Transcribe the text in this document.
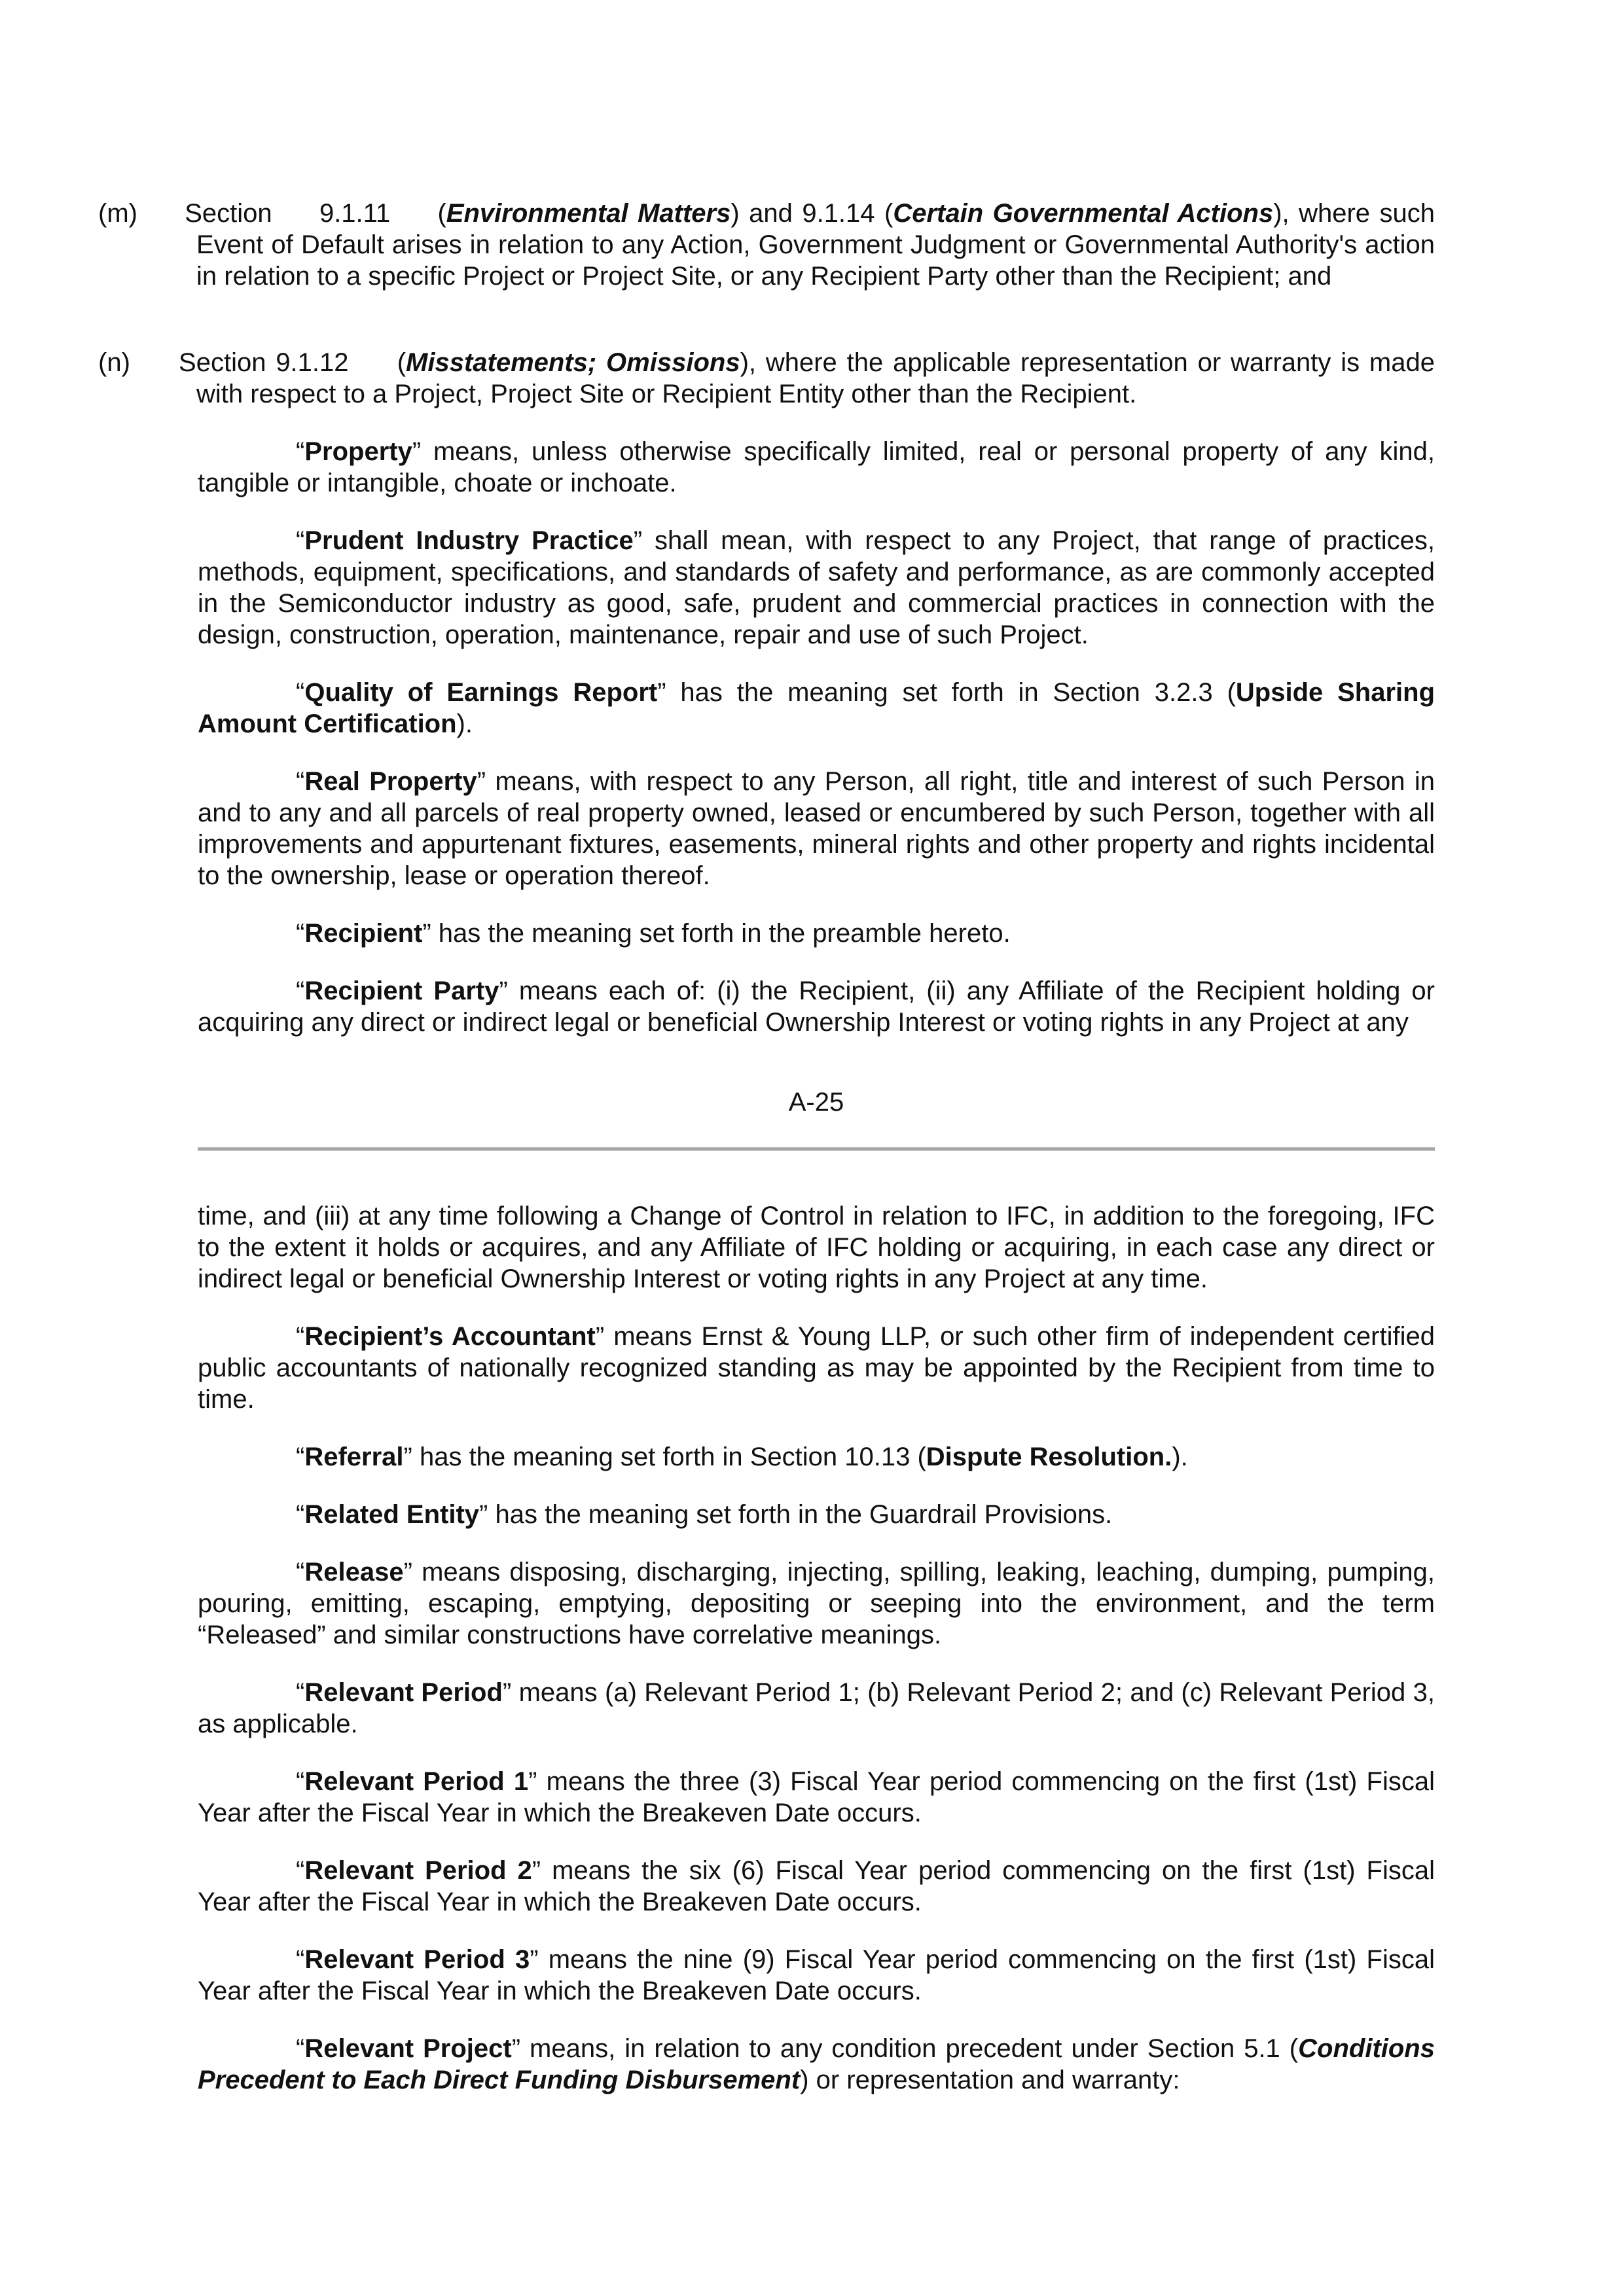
(m)     Section     9.1.11     (Environmental Matters) and 9.1.14 (Certain Governmental Actions), where such Event of Default arises in relation to any Action, Government Judgment or Governmental Authority's action in relation to a specific Project or Project Site, or any Recipient Party other than the Recipient; and
(n)     Section 9.1.12     (Misstatements; Omissions), where the applicable representation or warranty is made with respect to a Project, Project Site or Recipient Entity other than the Recipient.
“Property” means, unless otherwise specifically limited, real or personal property of any kind, tangible or intangible, choate or inchoate.
“Prudent Industry Practice” shall mean, with respect to any Project, that range of practices, methods, equipment, specifications, and standards of safety and performance, as are commonly accepted in the Semiconductor industry as good, safe, prudent and commercial practices in connection with the design, construction, operation, maintenance, repair and use of such Project.
“Quality of Earnings Report” has the meaning set forth in Section 3.2.3 (Upside Sharing Amount Certification).
“Real Property” means, with respect to any Person, all right, title and interest of such Person in and to any and all parcels of real property owned, leased or encumbered by such Person, together with all improvements and appurtenant fixtures, easements, mineral rights and other property and rights incidental to the ownership, lease or operation thereof.
“Recipient” has the meaning set forth in the preamble hereto.
“Recipient Party” means each of: (i) the Recipient, (ii) any Affiliate of the Recipient holding or acquiring any direct or indirect legal or beneficial Ownership Interest or voting rights in any Project at any
A-25
time, and (iii) at any time following a Change of Control in relation to IFC, in addition to the foregoing, IFC to the extent it holds or acquires, and any Affiliate of IFC holding or acquiring, in each case any direct or indirect legal or beneficial Ownership Interest or voting rights in any Project at any time.
“Recipient’s Accountant” means Ernst & Young LLP, or such other firm of independent certified public accountants of nationally recognized standing as may be appointed by the Recipient from time to time.
“Referral” has the meaning set forth in Section 10.13 (Dispute Resolution.).
“Related Entity” has the meaning set forth in the Guardrail Provisions.
“Release” means disposing, discharging, injecting, spilling, leaking, leaching, dumping, pumping, pouring, emitting, escaping, emptying, depositing or seeping into the environment, and the term “Released” and similar constructions have correlative meanings.
“Relevant Period” means (a) Relevant Period 1; (b) Relevant Period 2; and (c) Relevant Period 3, as applicable.
“Relevant Period 1” means the three (3) Fiscal Year period commencing on the first (1st) Fiscal Year after the Fiscal Year in which the Breakeven Date occurs.
“Relevant Period 2” means the six (6) Fiscal Year period commencing on the first (1st) Fiscal Year after the Fiscal Year in which the Breakeven Date occurs.
“Relevant Period 3” means the nine (9) Fiscal Year period commencing on the first (1st) Fiscal Year after the Fiscal Year in which the Breakeven Date occurs.
“Relevant Project” means, in relation to any condition precedent under Section 5.1 (Conditions Precedent to Each Direct Funding Disbursement) or representation and warranty:
